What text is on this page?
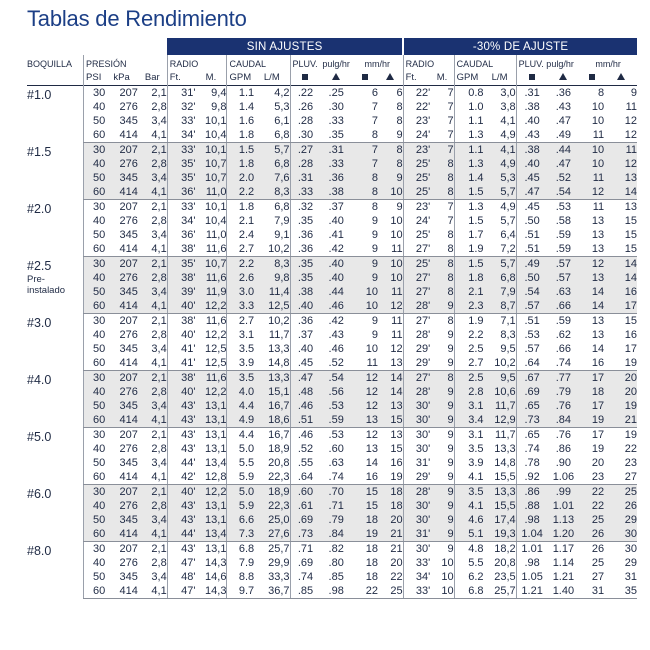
Tablas de Rendimiento
				SIN AJUSTES								-30% DE AJUSTE							
BOQUILLA	PRESIÓN			RADIO		CAUDAL		PLUV.	pulg/hr	mm/hr		RADIO		CAUDAL		PLUV. pulg/hr		mm/hr	
	PSI	kPa	Bar	Ft.	M.	GPM	L/M					Ft.	M.	GPM	L/M				

#1.0	30	207	2,1	31'	9,4	1.1	4,2	.22	.25	6	6	22'	7	0.8	3,0	.31	.36	8	9
	40	276	2,8	32'	9,8	1.4	5,3	.26	.30	7	8	22'	7	1.0	3,8	.38	.43	10	11
	50	345	3,4	33'	10,1	1.6	6,1	.28	.33	7	8	23'	7	1.1	4,1	.40	.47	10	12
	60	414	4,1	34'	10,4	1.8	6,8	.30	.35	8	9	24'	7	1.3	4,9	.43	.49	11	12

#1.5	30	207	2,1	33'	10,1	1.5	5,7	.27	.31	7	8	23'	7	1.1	4,1	.38	.44	10	11
	40	276	2,8	35'	10,7	1.8	6,8	.28	.33	7	8	25'	8	1.3	4,9	.40	.47	10	12
	50	345	3,4	35'	10,7	2.0	7,6	.31	.36	8	9	25'	8	1.4	5,3	.45	.52	11	13
	60	414	4,1	36'	11,0	2.2	8,3	.33	.38	8	10	25'	8	1.5	5,7	.47	.54	12	14

#2.0	30	207	2,1	33'	10,1	1.8	6,8	.32	.37	8	9	23'	7	1.3	4,9	.45	.53	11	13
	40	276	2,8	34'	10,4	2.1	7,9	.35	.40	9	10	24'	7	1.5	5,7	.50	.58	13	15
	50	345	3,4	36'	11,0	2.4	9,1	.36	.41	9	10	25'	8	1.7	6,4	.51	.59	13	15
	60	414	4,1	38'	11,6	2.7	10,2	.36	.42	9	11	27'	8	1.9	7,2	.51	.59	13	15

#2.5
Pre-
instalado	30	207	2,1	35'	10,7	2.2	8,3	.35	.40	9	10	25'	8	1.5	5,7	.49	.57	12	14
	40	276	2,8	38'	11,6	2.6	9,8	.35	.40	9	10	27'	8	1.8	6,8	.50	.57	13	14
	50	345	3,4	39'	11,9	3.0	11,4	.38	.44	10	11	27'	8	2.1	7,9	.54	.63	14	16
	60	414	4,1	40'	12,2	3.3	12,5	.40	.46	10	12	28'	9	2.3	8,7	.57	.66	14	17

#3.0	30	207	2,1	38'	11,6	2.7	10,2	.36	.42	9	11	27'	8	1.9	7,1	.51	.59	13	15
	40	276	2,8	40'	12,2	3.1	11,7	.37	.43	9	11	28'	9	2.2	8,3	.53	.62	13	16
	50	345	3,4	41'	12,5	3.5	13,3	.40	.46	10	12	29'	9	2.5	9,5	.57	.66	14	17
	60	414	4,1	41'	12,5	3.9	14,8	.45	.52	11	13	29'	9	2.7	10,2	.64	.74	16	19

#4.0	30	207	2,1	38'	11,6	3.5	13,3	.47	.54	12	14	27'	8	2.5	9,5	.67	.77	17	20
	40	276	2,8	40'	12,2	4.0	15,1	.48	.56	12	14	28'	9	2.8	10,6	.69	.79	18	20
	50	345	3,4	43'	13,1	4.4	16,7	.46	.53	12	13	30'	9	3.1	11,7	.65	.76	17	19
	60	414	4,1	43'	13,1	4.9	18,6	.51	.59	13	15	30'	9	3.4	12,9	.73	.84	19	21

#5.0	30	207	2,1	43'	13,1	4.4	16,7	.46	.53	12	13	30'	9	3.1	11,7	.65	.76	17	19
	40	276	2,8	43'	13,1	5.0	18,9	.52	.60	13	15	30'	9	3.5	13,3	.74	.86	19	22
	50	345	3,4	44'	13,4	5.5	20,8	.55	.63	14	16	31'	9	3.9	14,8	.78	.90	20	23
	60	414	4,1	42'	12,8	5.9	22,3	.64	.74	16	19	29'	9	4.1	15,5	.92	1.06	23	27

#6.0	30	207	2,1	40'	12,2	5.0	18,9	.60	.70	15	18	28'	9	3.5	13,3	.86	.99	22	25
	40	276	2,8	43'	13,1	5.9	22,3	.61	.71	15	18	30'	9	4.1	15,5	.88	1.01	22	26
	50	345	3,4	43'	13,1	6.6	25,0	.69	.79	18	20	30'	9	4.6	17,4	.98	1.13	25	29
	60	414	4,1	44'	13,4	7.3	27,6	.73	.84	19	21	31'	9	5.1	19,3	1.04	1.20	26	30

#8.0	30	207	2,1	43'	13,1	6.8	25,7	.71	.82	18	21	30'	9	4.8	18,2	1.01	1.17	26	30
	40	276	2,8	47'	14,3	7.9	29,9	.69	.80	18	20	33'	10	5.5	20,8	.98	1.14	25	29
	50	345	3,4	48'	14,6	8.8	33,3	.74	.85	18	22	34'	10	6.2	23,5	1.05	1.21	27	31
	60	414	4,1	47'	14,3	9.7	36,7	.85	.98	22	25	33'	10	6.8	25,7	1.21	1.40	31	35
